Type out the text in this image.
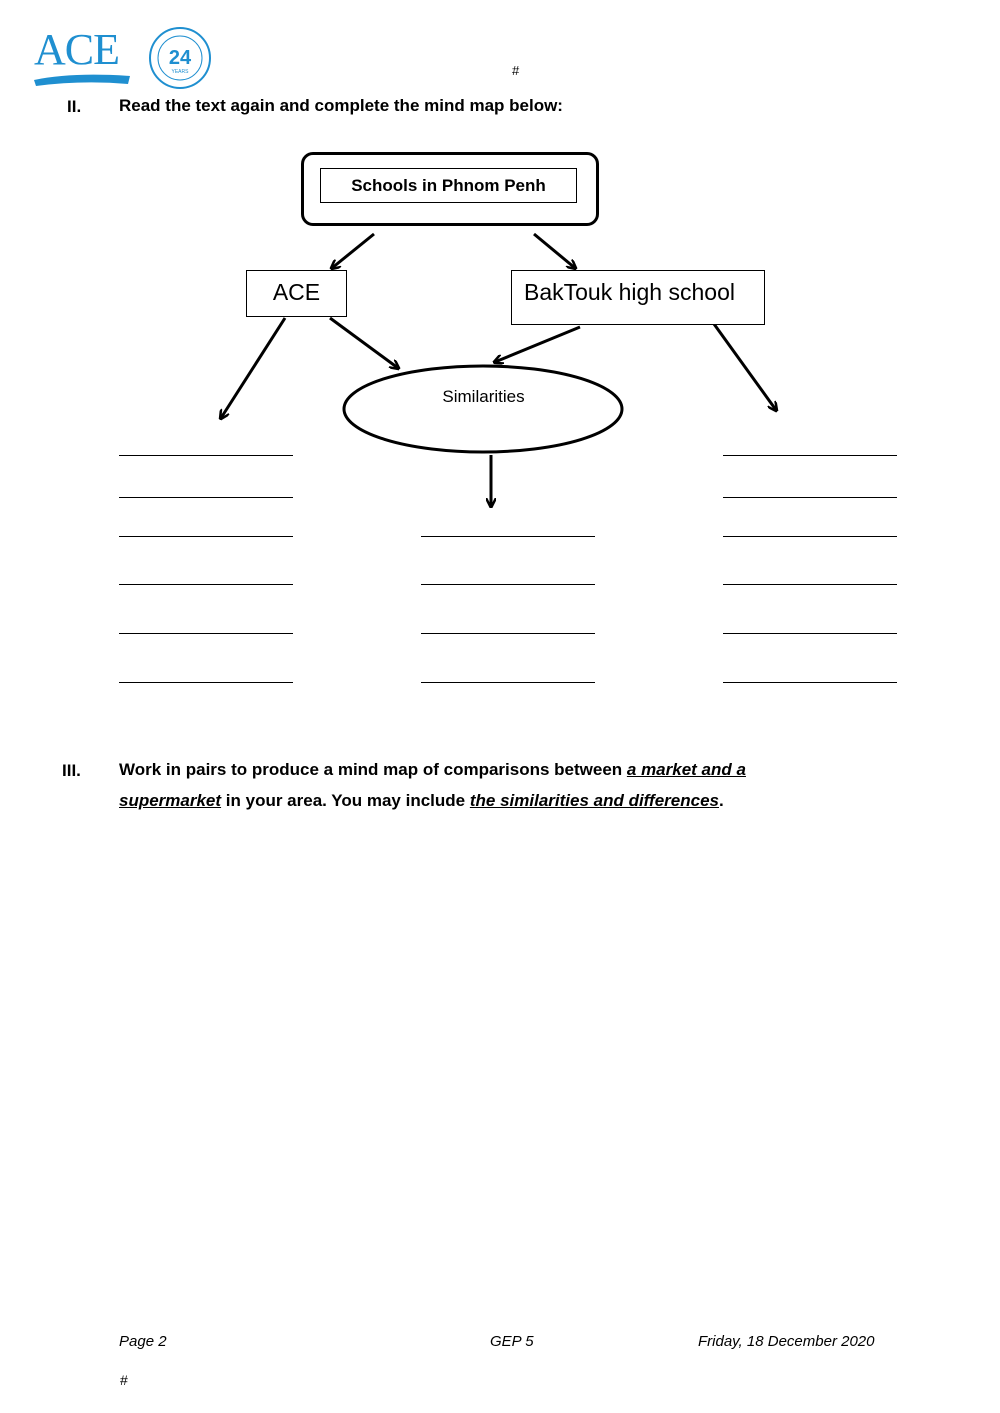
ACE 24
YEARS	#
II. Read the text again and complete the mind map below:
Schools in Phnom Penh
ACE	BakTouk high school
Similarities
III. Work in pairs to produce a mind map of comparisons between a market and a
supermarket in your area. You may include the similarities and differences.
Page 2	GEP 5	Friday, 18 December 2020
#
